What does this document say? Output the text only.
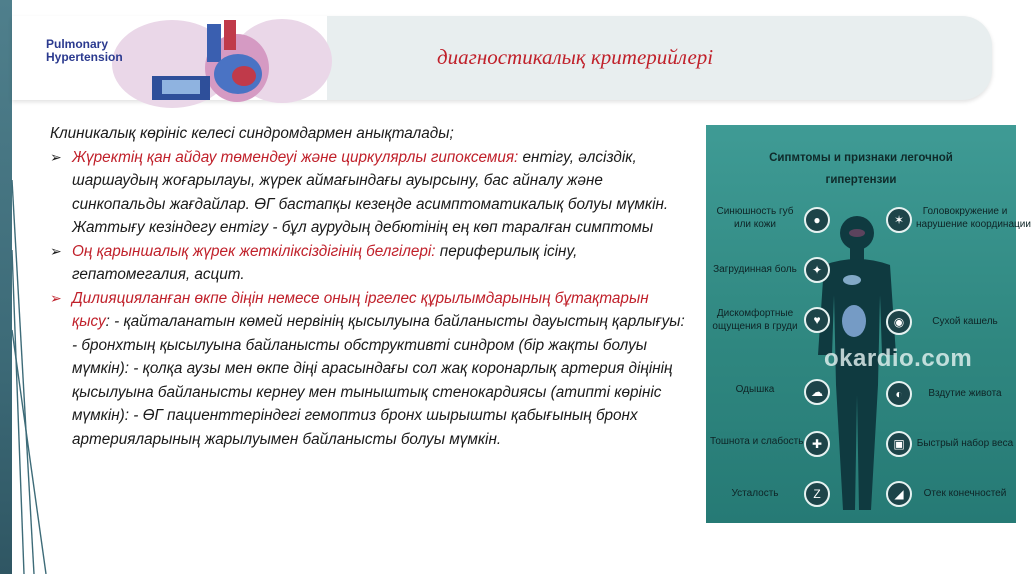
Pulmonary
Hypertension	диагностикалық критерийлері

Клиникалық көрініс келесі синдромдармен анықталады;

➢ Жүректің қан айдау төмендеуі және циркулярлы гипоксемия: ентігу, әлсіздік, шаршаудың жоғарылауы, жүрек аймағындағы ауырсыну, бас айналу және синкопальды жағдайлар. ӨГ бастапқы кезеңде асимптоматикалық болуы мүмкін. Жаттығу кезіндегу ентігу - бұл аурудың дебютінің ең көп таралған симптомы

➢ Оң қарыншалық жүрек жеткіліксіздігінің белгілері: периферилық ісіну, гепатомегалия, асцит.

➢ Дилияцияланған өкпе діңін немесе оның іргелес құрылымдарының бұтақтарын қысу: - қайталанатын көмей нервінің қысылуына байланысты дауыстың қарлығуы: - бронхтың қысылуына байланысты обструктивті синдром (бір жақты болуы мүмкін): - қолқа аузы мен өкпе діңі арасындағы сол жақ коронарлық артерия діңінің қысылуына байланысты кернеу мен тыныштық стенокардиясы (атипті көрініс мүмкін): - ӨГ пациенттеріндегі гемоптиз бронх шырышты қабығының бронх артерияларының жарылуымен байланысты болуы мүмкін.

Сипмтомы и признаки легочной
гипертензии
okardio.com
Синюшность губ
или кожи	●
Загрудинная боль	✦
Дискомфортные
ощущения в груди	♥
Одышка	☁
Тошнота и слабость ✚
Усталость	Z
✶
Головокружение и
нарушение координации
◉	Сухой кашель
◐	Вздутие живота
▣	Быстрый набор веса
◢	Отек конечностей
